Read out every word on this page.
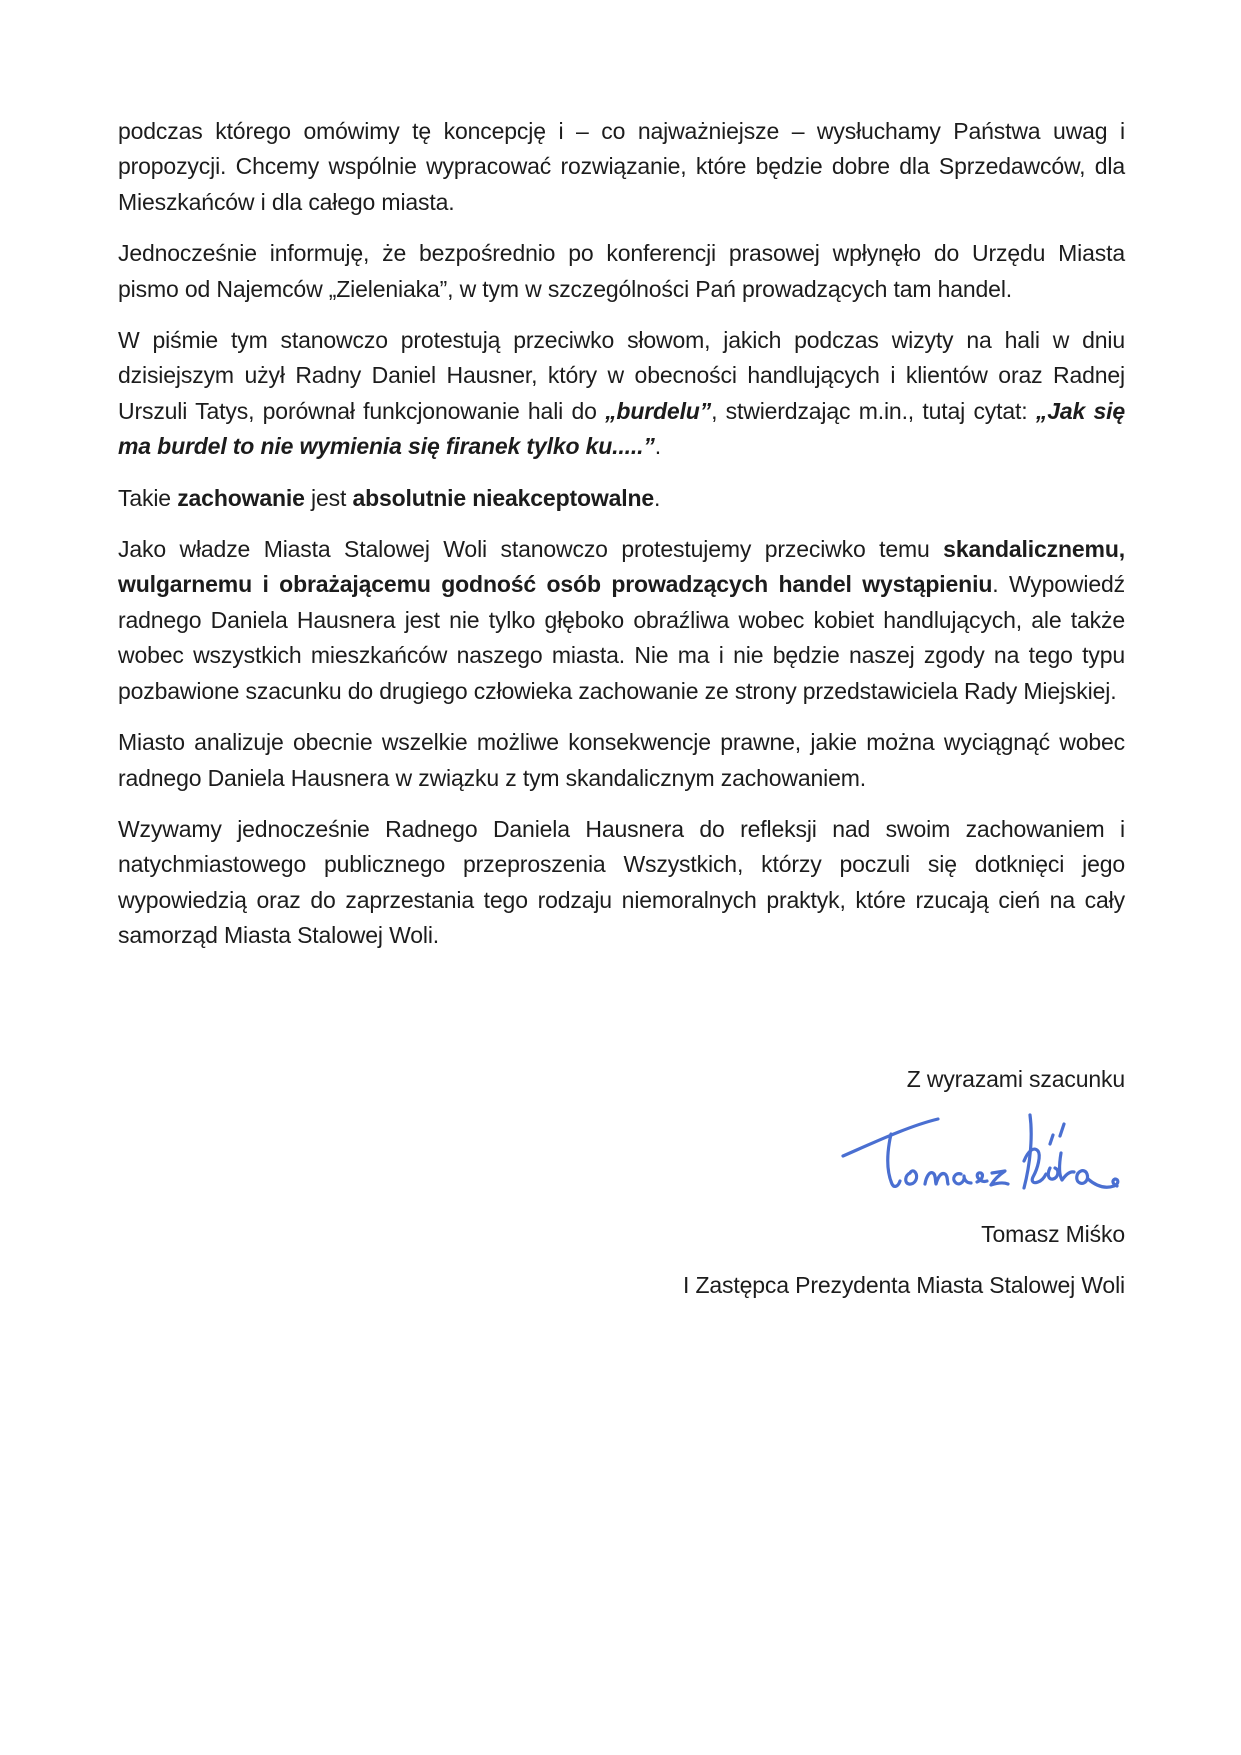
podczas którego omówimy tę koncepcję i – co najważniejsze – wysłuchamy Państwa uwag i propozycji. Chcemy wspólnie wypracować rozwiązanie, które będzie dobre dla Sprzedawców, dla Mieszkańców i dla całego miasta.

Jednocześnie informuję, że bezpośrednio po konferencji prasowej wpłynęło do Urzędu Miasta pismo od Najemców „Zieleniaka”, w tym w szczególności Pań prowadzących tam handel.

W piśmie tym stanowczo protestują przeciwko słowom, jakich podczas wizyty na hali w dniu dzisiejszym użył Radny Daniel Hausner, który w obecności handlujących i klientów oraz Radnej Urszuli Tatys, porównał funkcjonowanie hali do „burdelu”, stwierdzając m.in., tutaj cytat: „Jak się ma burdel to nie wymienia się firanek tylko ku.....”.

Takie zachowanie jest absolutnie nieakceptowalne.

Jako władze Miasta Stalowej Woli stanowczo protestujemy przeciwko temu skandalicznemu, wulgarnemu i obrażającemu godność osób prowadzących handel wystąpieniu. Wypowiedź radnego Daniela Hausnera jest nie tylko głęboko obraźliwa wobec kobiet handlujących, ale także wobec wszystkich mieszkańców naszego miasta. Nie ma i nie będzie naszej zgody na tego typu pozbawione szacunku do drugiego człowieka zachowanie ze strony przedstawiciela Rady Miejskiej.

Miasto analizuje obecnie wszelkie możliwe konsekwencje prawne, jakie można wyciągnąć wobec radnego Daniela Hausnera w związku z tym skandalicznym zachowaniem.

Wzywamy jednocześnie Radnego Daniela Hausnera do refleksji nad swoim zachowaniem i natychmiastowego publicznego przeproszenia Wszystkich, którzy poczuli się dotknięci jego wypowiedzią oraz do zaprzestania tego rodzaju niemoralnych praktyk, które rzucają cień na cały samorząd Miasta Stalowej Woli.

Z wyrazami szacunku
Tomasz Miśko
I Zastępca Prezydenta Miasta Stalowej Woli
